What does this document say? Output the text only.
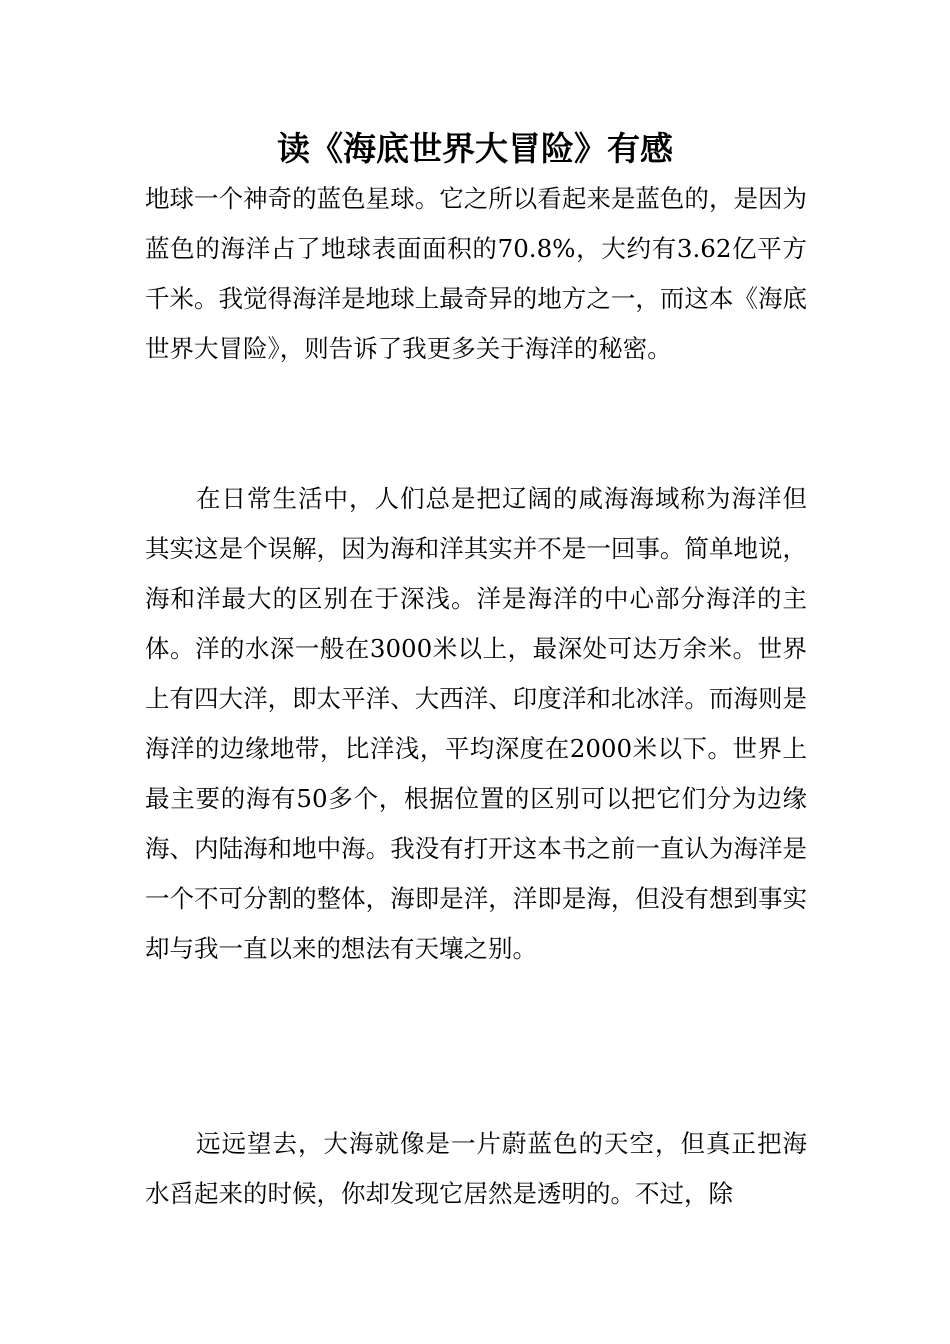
读《海底世界大冒险》有感

地球一个神奇的蓝色星球。它之所以看起来是蓝色的，是因为蓝色的海洋占了地球表面面积的70.8%，大约有3.62亿平方千米。我觉得海洋是地球上最奇异的地方之一，而这本《海底世界大冒险》，则告诉了我更多关于海洋的秘密。

在日常生活中，人们总是把辽阔的咸海海域称为海洋但其实这是个误解，因为海和洋其实并不是一回事。简单地说，海和洋最大的区别在于深浅。洋是海洋的中心部分海洋的主体。洋的水深一般在3000米以上，最深处可达万余米。世界上有四大洋，即太平洋、大西洋、印度洋和北冰洋。而海则是海洋的边缘地带，比洋浅，平均深度在2000米以下。世界上最主要的海有50多个，根据位置的区别可以把它们分为边缘海、内陆海和地中海。我没有打开这本书之前一直认为海洋是一个不可分割的整体，海即是洋，洋即是海，但没有想到事实却与我一直以来的想法有天壤之别。

远远望去，大海就像是一片蔚蓝色的天空，但真正把海水舀起来的时候，你却发现它居然是透明的。不过，除
